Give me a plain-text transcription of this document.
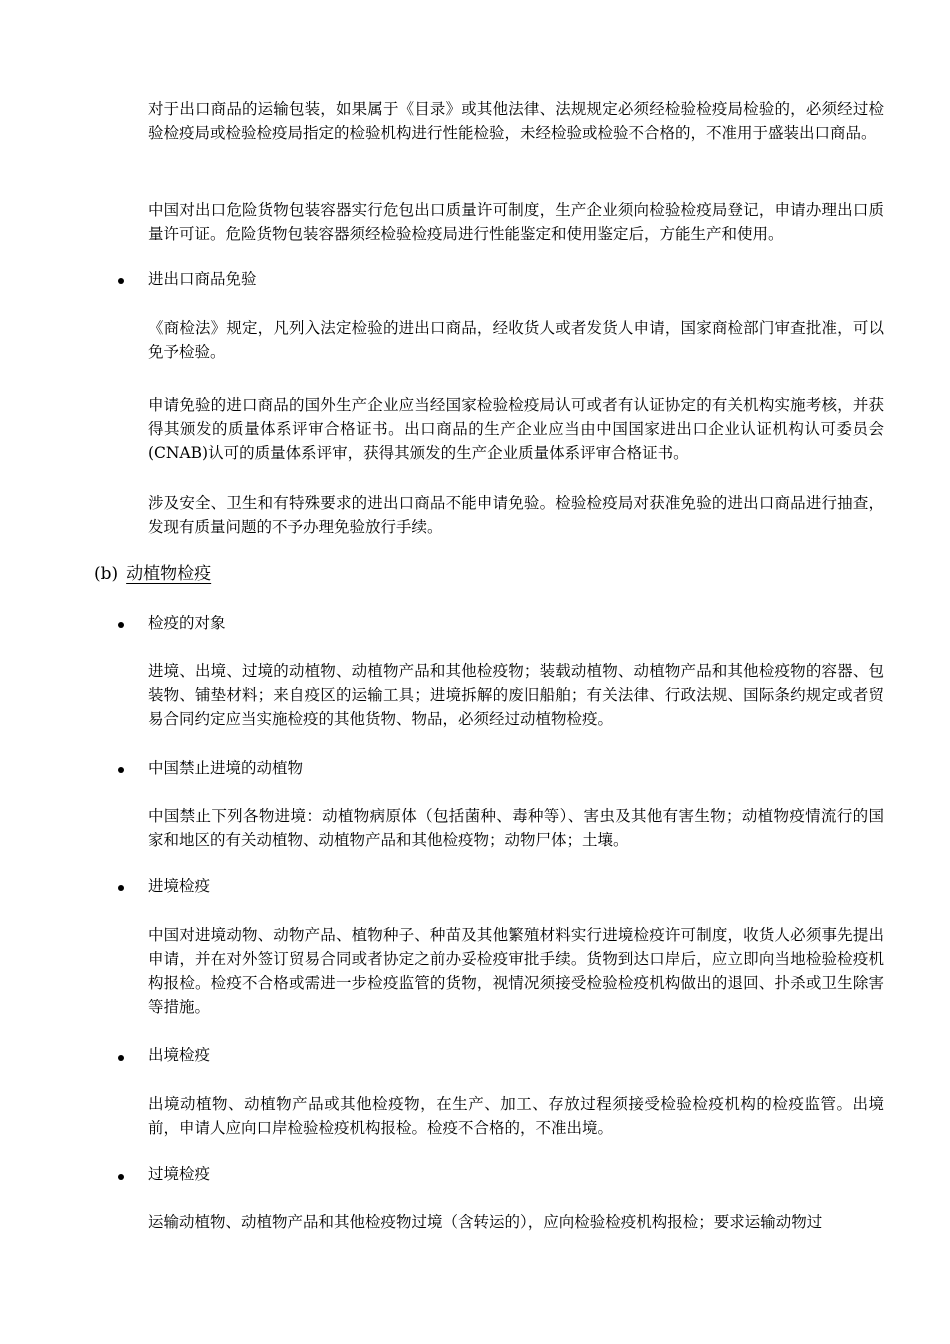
对于出口商品的运输包装，如果属于《目录》或其他法律、法规规定必须经检验检疫局检验的，必须经过检验检疫局或检验检疫局指定的检验机构进行性能检验，未经检验或检验不合格的，不准用于盛装出口商品。

中国对出口危险货物包装容器实行危包出口质量许可制度，生产企业须向检验检疫局登记，申请办理出口质量许可证。危险货物包装容器须经检验检疫局进行性能鉴定和使用鉴定后，方能生产和使用。

进出口商品免验

《商检法》规定，凡列入法定检验的进出口商品，经收货人或者发货人申请，国家商检部门审查批准，可以免予检验。

申请免验的进口商品的国外生产企业应当经国家检验检疫局认可或者有认证协定的有关机构实施考核，并获得其颁发的质量体系评审合格证书。出口商品的生产企业应当由中国国家进出口企业认证机构认可委员会(CNAB)认可的质量体系评审，获得其颁发的生产企业质量体系评审合格证书。

涉及安全、卫生和有特殊要求的进出口商品不能申请免验。检验检疫局对获准免验的进出口商品进行抽查，发现有质量问题的不予办理免验放行手续。

(b) 动植物检疫

检疫的对象

进境、出境、过境的动植物、动植物产品和其他检疫物；装载动植物、动植物产品和其他检疫物的容器、包装物、铺垫材料；来自疫区的运输工具；进境拆解的废旧船舶；有关法律、行政法规、国际条约规定或者贸易合同约定应当实施检疫的其他货物、物品，必须经过动植物检疫。

中国禁止进境的动植物

中国禁止下列各物进境：动植物病原体（包括菌种、毒种等）、害虫及其他有害生物；动植物疫情流行的国家和地区的有关动植物、动植物产品和其他检疫物；动物尸体；土壤。

进境检疫

中国对进境动物、动物产品、植物种子、种苗及其他繁殖材料实行进境检疫许可制度，收货人必须事先提出申请，并在对外签订贸易合同或者协定之前办妥检疫审批手续。货物到达口岸后，应立即向当地检验检疫机构报检。检疫不合格或需进一步检疫监管的货物，视情况须接受检验检疫机构做出的退回、扑杀或卫生除害等措施。

出境检疫

出境动植物、动植物产品或其他检疫物，在生产、加工、存放过程须接受检验检疫机构的检疫监管。出境前，申请人应向口岸检验检疫机构报检。检疫不合格的，不准出境。

过境检疫

运输动植物、动植物产品和其他检疫物过境（含转运的），应向检验检疫机构报检；要求运输动物过
